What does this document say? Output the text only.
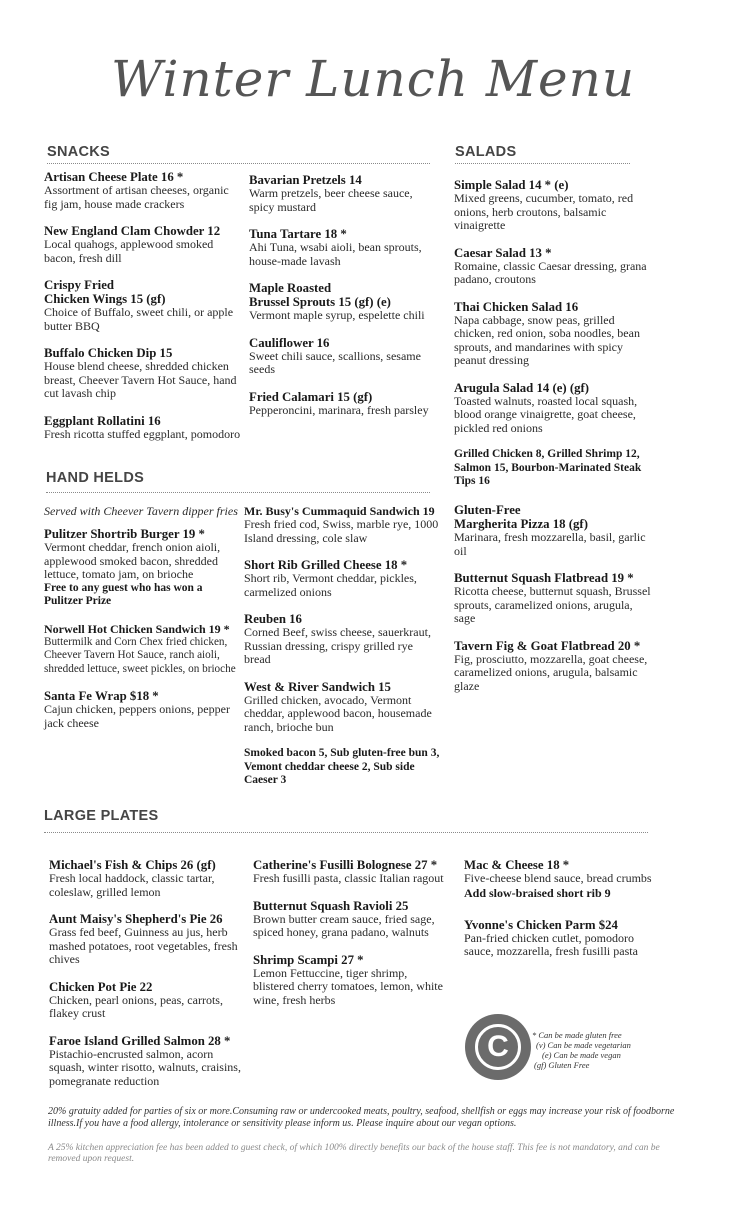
Winter Lunch Menu
SNACKS	SALADS
HAND HELDS
LARGE PLATES
Artisan Cheese Plate 16 *
Assortment of artisan cheeses, organic fig jam, house made crackers
New England Clam Chowder 12
Local quahogs, applewood smoked bacon, fresh dill
Crispy Fried
Chicken Wings 15 (gf)
Choice of Buffalo, sweet chili, or apple butter BBQ
Buffalo Chicken Dip 15
House blend cheese, shredded chicken breast, Cheever Tavern Hot Sauce, hand cut lavash chip
Eggplant Rollatini 16
Fresh ricotta stuffed eggplant, pomodoro
Bavarian Pretzels 14
Warm pretzels, beer cheese sauce, spicy mustard
Tuna Tartare 18 *
Ahi Tuna, wsabi aioli, bean sprouts, house-made lavash
Maple Roasted
Brussel Sprouts 15 (gf) (e)
Vermont maple syrup, espelette chili
Cauliflower 16
Sweet chili sauce, scallions, sesame seeds
Fried Calamari 15 (gf)
Pepperoncini, marinara, fresh parsley
Simple Salad 14 * (e)
Mixed greens, cucumber, tomato, red onions, herb croutons, balsamic vinaigrette
Caesar Salad 13 *
Romaine, classic Caesar dressing, grana padano, croutons
Thai Chicken Salad 16
Napa cabbage, snow peas, grilled chicken, red onion, soba noodles, bean sprouts, and mandarines with spicy peanut dressing
Arugula Salad 14 (e) (gf)
Toasted walnuts, roasted local squash, blood orange vinaigrette, goat cheese, pickled red onions
Grilled Chicken 8, Grilled Shrimp 12, Salmon 15, Bourbon-Marinated Steak Tips 16
Gluten-Free
Margherita Pizza 18 (gf)
Marinara, fresh mozzarella, basil, garlic oil
Butternut Squash Flatbread 19 *
Ricotta cheese, butternut squash, Brussel sprouts, caramelized onions, arugula, sage
Tavern Fig & Goat Flatbread 20 *
Fig, prosciutto, mozzarella, goat cheese, caramelized onions, arugula, balsamic glaze
Served with Cheever Tavern dipper fries
Pulitzer Shortrib Burger 19 *
Vermont cheddar, french onion aioli, applewood smoked bacon, shredded lettuce, tomato jam, on brioche
Free to any guest who has won a Pulitzer Prize
Norwell Hot Chicken Sandwich 19 *
Buttermilk and Corn Chex fried chicken, Cheever Tavern Hot Sauce, ranch aioli, shredded lettuce, sweet pickles, on brioche
Santa Fe Wrap $18 *
Cajun chicken, peppers onions, pepper jack cheese
Mr. Busy's Cummaquid Sandwich 19
Fresh fried cod, Swiss, marble rye, 1000 Island dressing, cole slaw
Short Rib Grilled Cheese 18 *
Short rib, Vermont cheddar, pickles, carmelized onions
Reuben 16
Corned Beef, swiss cheese, sauerkraut, Russian dressing, crispy grilled rye bread
West & River Sandwich 15
Grilled chicken, avocado, Vermont cheddar, applewood bacon, housemade ranch, brioche bun
Smoked bacon 5, Sub gluten-free bun 3, Vemont cheddar cheese 2, Sub side Caeser 3
Michael's Fish & Chips 26 (gf)
Fresh local haddock, classic tartar, coleslaw, grilled lemon
Aunt Maisy's Shepherd's Pie 26
Grass fed beef, Guinness au jus, herb mashed potatoes, root vegetables, fresh chives
Chicken Pot Pie 22
Chicken, pearl onions, peas, carrots, flakey crust
Faroe Island Grilled Salmon 28 *
Pistachio-encrusted salmon, acorn squash, winter risotto, walnuts, craisins, pomegranate reduction
Catherine's Fusilli Bolognese 27 *
Fresh fusilli pasta, classic Italian ragout
Butternut Squash Ravioli 25
Brown butter cream sauce, fried sage, spiced honey, grana padano, walnuts
Shrimp Scampi 27 *
Lemon Fettuccine, tiger shrimp, blistered cherry tomatoes, lemon, white wine, fresh herbs
Mac & Cheese 18 *
Five-cheese blend sauce, bread crumbs
Add slow-braised short rib 9
Yvonne's Chicken Parm $24
Pan-fried chicken cutlet, pomodoro sauce, mozzarella, fresh fusilli pasta
C	* Can be made gluten free
(v) Can be made vegetarian
(e) Can be made vegan
(gf) Gluten Free
20% gratuity added for parties of six or more.Consuming raw or undercooked meats, poultry, seafood, shellfish or eggs may increase your risk of foodborne illness.If you have a food allergy, intolerance or sensitivity please inform us. Please inquire about our vegan options.
A 25% kitchen appreciation fee has been added to guest check, of which 100% directly benefits our back of the house staff. This fee is not mandatory, and can be removed upon request.
